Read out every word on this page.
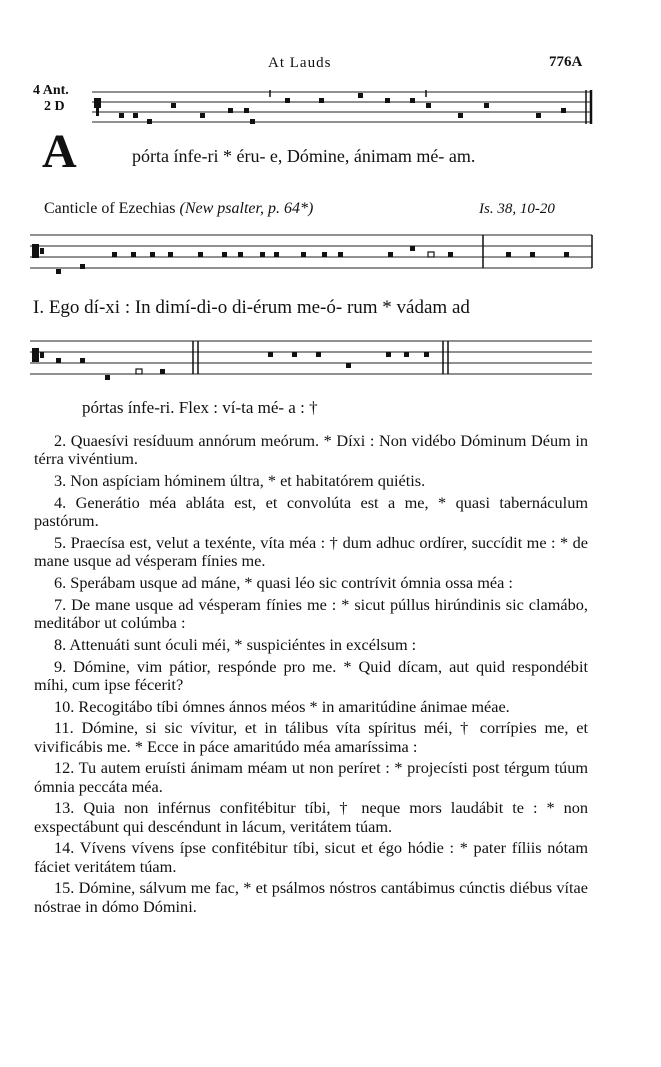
At Lauds	776A
4 Ant.
2 D
A	pórta ínfe-ri * éru- e, Dómine, ánimam mé- am.
Canticle of Ezechias (New psalter, p. 64*)	Is. 38, 10-20
I. Ego dí-xi : In dimí-di-o di-érum me-ó- rum * vádam ad
pórtas ínfe-ri. Flex : ví-ta mé- a : †

2. Quaesívi resíduum annórum meórum. * Díxi : Non vidébo Dóminum Déum in térra vivéntium.

3. Non aspíciam hóminem últra, * et habitatórem quiétis.

4. Generátio méa abláta est, et convolúta est a me, * quasi tabernáculum pastórum.

5. Praecísa est, velut a texénte, víta méa : † dum adhuc ordírer, succídit me : * de mane usque ad vésperam fínies me.

6. Sperábam usque ad máne, * quasi léo sic contrívit ómnia ossa méa :

7. De mane usque ad vésperam fínies me : * sicut púllus hirúndinis sic clamábo, meditábor ut colúmba :

8. Attenuáti sunt óculi méi, * suspiciéntes in excélsum :

9. Dómine, vim pátior, respónde pro me. * Quid dícam, aut quid respondébit míhi, cum ipse fécerit?

10. Recogitábo tíbi ómnes ánnos méos * in amaritúdine ánimae méae.

11. Dómine, si sic vívitur, et in tálibus víta spíritus méi, † corrípies me, et vivificábis me. * Ecce in páce amaritúdo méa amaríssima :

12. Tu autem eruísti ánimam méam ut non períret : * projecísti post térgum túum ómnia peccáta méa.

13. Quia non inférnus confitébitur tíbi, † neque mors laudábit te : * non exspectábunt qui descéndunt in lácum, veritátem túam.

14. Vívens vívens ípse confitébitur tíbi, sicut et égo hódie : * pater fíliis nótam fáciet veritátem túam.

15. Dómine, sálvum me fac, * et psálmos nóstros cantábimus cúnctis diébus vítae nóstrae in dómo Dómini.
